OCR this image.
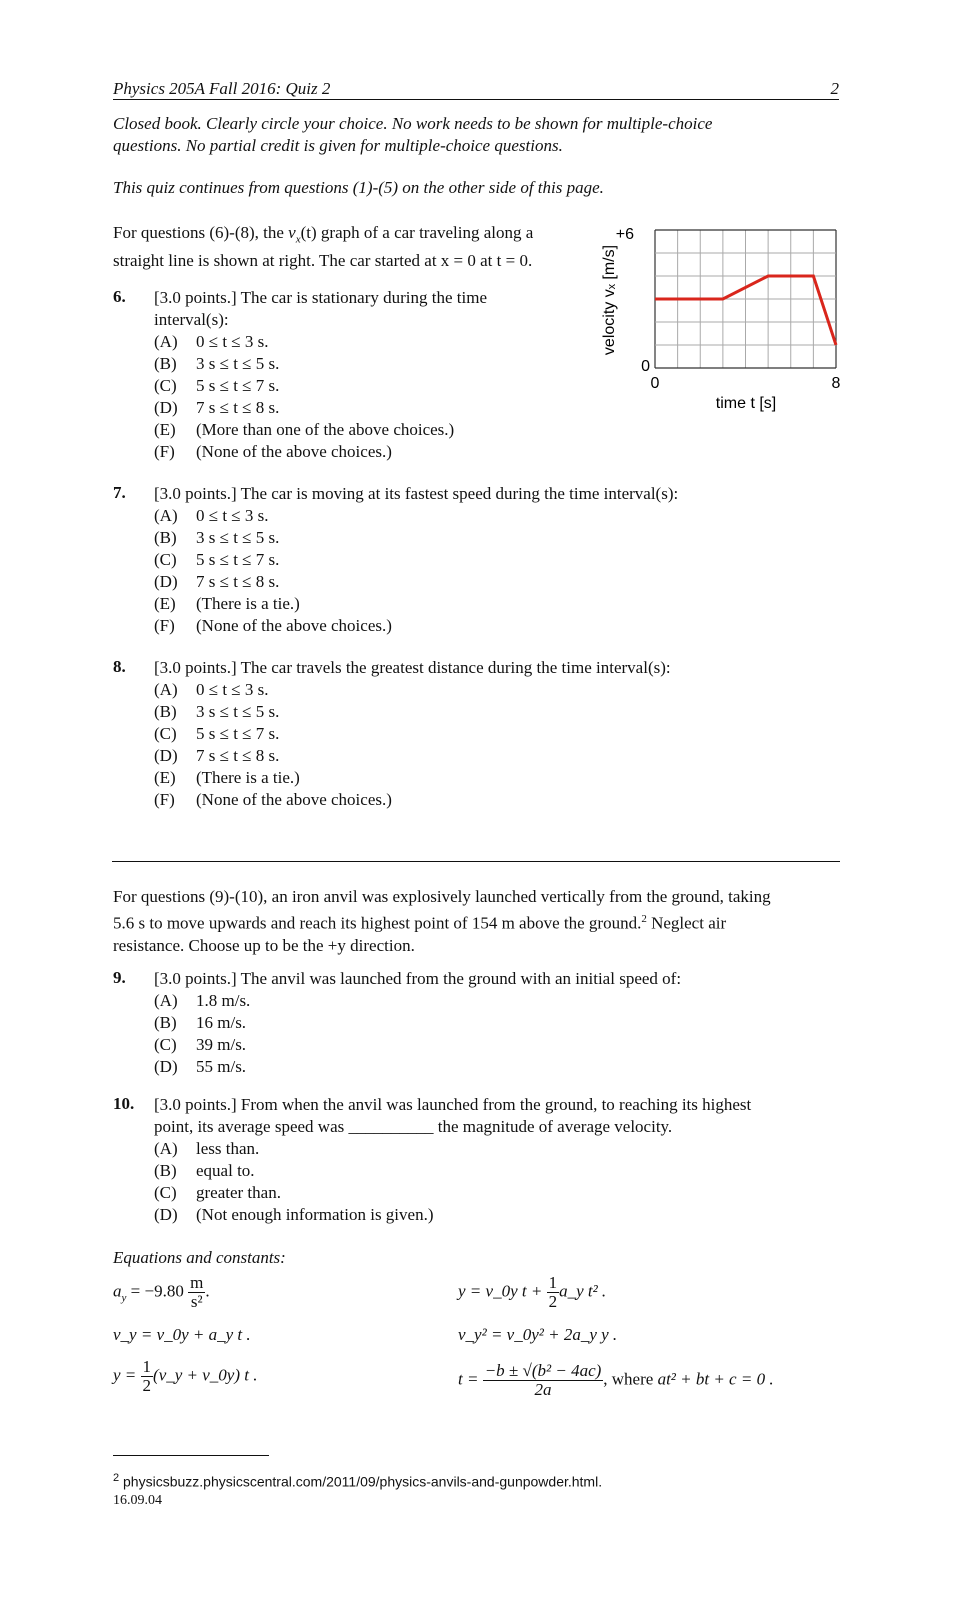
Physics 205A Fall 2016: Quiz 2	2
Closed book. Clearly circle your choice. No work needs to be shown for multiple-choice
questions. No partial credit is given for multiple-choice questions.
This quiz continues from questions (1)-(5) on the other side of this page.
For questions (6)-(8), the $v_x(t)$ graph of a car traveling along a
straight line is shown at right. The car started at x = 0 at t = 0.
+6
0
0	8
time t [s]
velocity vₓ [m/s]
6. [3.0 points.] The car is stationary during the time
interval(s):
(A) 0 ≤ t ≤ 3 s.
(B) 3 s ≤ t ≤ 5 s.
(C) 5 s ≤ t ≤ 7 s.
(D) 7 s ≤ t ≤ 8 s.
(E) (More than one of the above choices.)
(F) (None of the above choices.)
7. [3.0 points.] The car is moving at its fastest speed during the time interval(s):
(A) 0 ≤ t ≤ 3 s.
(B) 3 s ≤ t ≤ 5 s.
(C) 5 s ≤ t ≤ 7 s.
(D) 7 s ≤ t ≤ 8 s.
(E) (There is a tie.)
(F) (None of the above choices.)
8. [3.0 points.] The car travels the greatest distance during the time interval(s):
(A) 0 ≤ t ≤ 3 s.
(B) 3 s ≤ t ≤ 5 s.
(C) 5 s ≤ t ≤ 7 s.
(D) 7 s ≤ t ≤ 8 s.
(E) (There is a tie.)
(F) (None of the above choices.)
For questions (9)-(10), an iron anvil was explosively launched vertically from the ground, taking
5.6 s to move upwards and reach its highest point of 154 m above the ground.$^2$ Neglect air
resistance. Choose up to be the +y direction.
9. [3.0 points.] The anvil was launched from the ground with an initial speed of:
(A) 1.8 m/s.
(B) 16 m/s.
(C) 39 m/s.
(D) 55 m/s.
10. [3.0 points.] From when the anvil was launched from the ground, to reaching its highest
point, its average speed was __________ the magnitude of average velocity.
(A) less than.
(B) equal to.
(C) greater than.
(D) (Not enough information is given.)
Equations and constants:
$a_y = -9.80 \frac{m}{\text{s²}}$ .
v_y = v_0y + a_y t .
$y = \frac{1}{2}$ (v_y + v_0y) t .
y = v_0y $t + \frac{1}{2}$ a_y t² .
v_y² = v_0y² + 2a_y y .
$t = \frac{\text{−b ± √(b² − 4ac)}}{2a}$ , where at² + bt + c = 0 .
$^2$ physicsbuzz.physicscentral.com/2011/09/physics-anvils-and-gunpowder.html.
16.09.04
